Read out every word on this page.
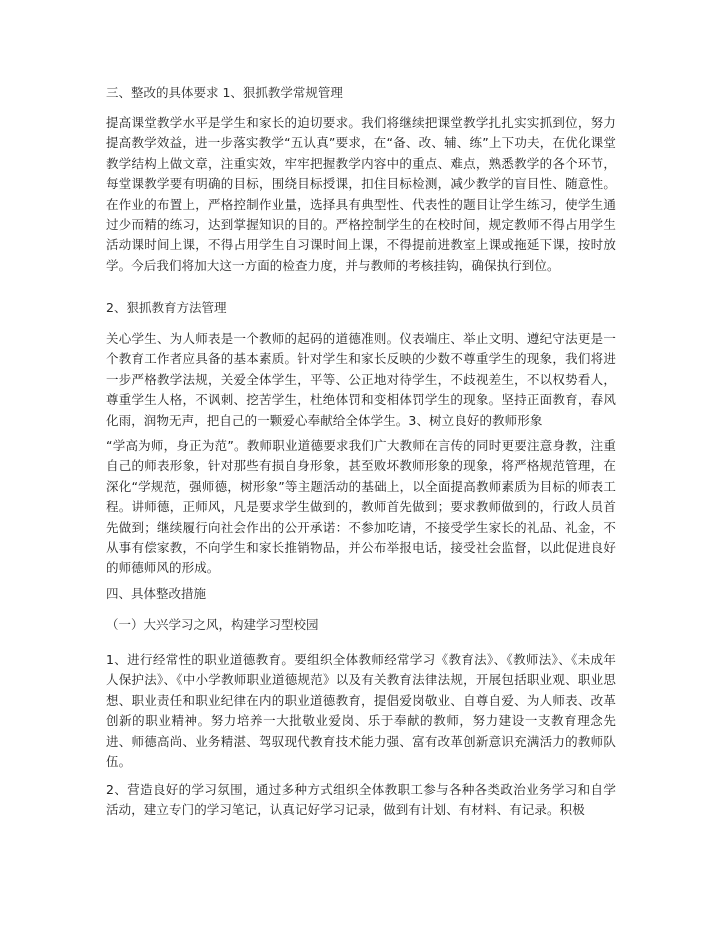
三、整改的具体要求 1、狠抓教学常规管理

提高课堂教学水平是学生和家长的迫切要求。我们将继续把课堂教学扎扎实实抓到位，努力提高教学效益，进一步落实教学“五认真”要求，在“备、改、辅、练”上下功夫，在优化课堂教学结构上做文章，注重实效，牢牢把握教学内容中的重点、难点，熟悉教学的各个环节，每堂课教学要有明确的目标，围绕目标授课，扣住目标检测，减少教学的盲目性、随意性。在作业的布置上，严格控制作业量，选择具有典型性、代表性的题目让学生练习，使学生通过少而精的练习，达到掌握知识的目的。严格控制学生的在校时间，规定教师不得占用学生活动课时间上课，不得占用学生自习课时间上课，不得提前进教室上课或拖延下课，按时放学。今后我们将加大这一方面的检查力度，并与教师的考核挂钩，确保执行到位。

2、狠抓教育方法管理

关心学生、为人师表是一个教师的起码的道德准则。仪表端庄、举止文明、遵纪守法更是一个教育工作者应具备的基本素质。针对学生和家长反映的少数不尊重学生的现象，我们将进一步严格教学法规，关爱全体学生，平等、公正地对待学生，不歧视差生，不以权势看人，尊重学生人格，不讽刺、挖苦学生，杜绝体罚和变相体罚学生的现象。坚持正面教育，春风化雨，润物无声，把自己的一颗爱心奉献给全体学生。3、树立良好的教师形象

“学高为师，身正为范”。教师职业道德要求我们广大教师在言传的同时更要注意身教，注重自己的师表形象，针对那些有损自身形象，甚至败坏教师形象的现象，将严格规范管理，在深化“学规范，强师德，树形象”等主题活动的基础上，以全面提高教师素质为目标的师表工程。讲师德，正师风，凡是要求学生做到的，教师首先做到；要求教师做到的，行政人员首先做到；继续履行向社会作出的公开承诺：不参加吃请，不接受学生家长的礼品、礼金，不从事有偿家教，不向学生和家长推销物品，并公布举报电话，接受社会监督，以此促进良好的师德师风的形成。

四、具体整改措施

（一）大兴学习之风，构建学习型校园

1、进行经常性的职业道德教育。要组织全体教师经常学习《教育法》、《教师法》、《未成年人保护法》、《中小学教师职业道德规范》以及有关教育法律法规，开展包括职业观、职业思想、职业责任和职业纪律在内的职业道德教育，提倡爱岗敬业、自尊自爱、为人师表、改革创新的职业精神。努力培养一大批敬业爱岗、乐于奉献的教师，努力建设一支教育理念先进、师德高尚、业务精湛、驾驭现代教育技术能力强、富有改革创新意识充满活力的教师队伍。

2、营造良好的学习氛围，通过多种方式组织全体教职工参与各种各类政治业务学习和自学活动，建立专门的学习笔记，认真记好学习记录，做到有计划、有材料、有记录。积极
